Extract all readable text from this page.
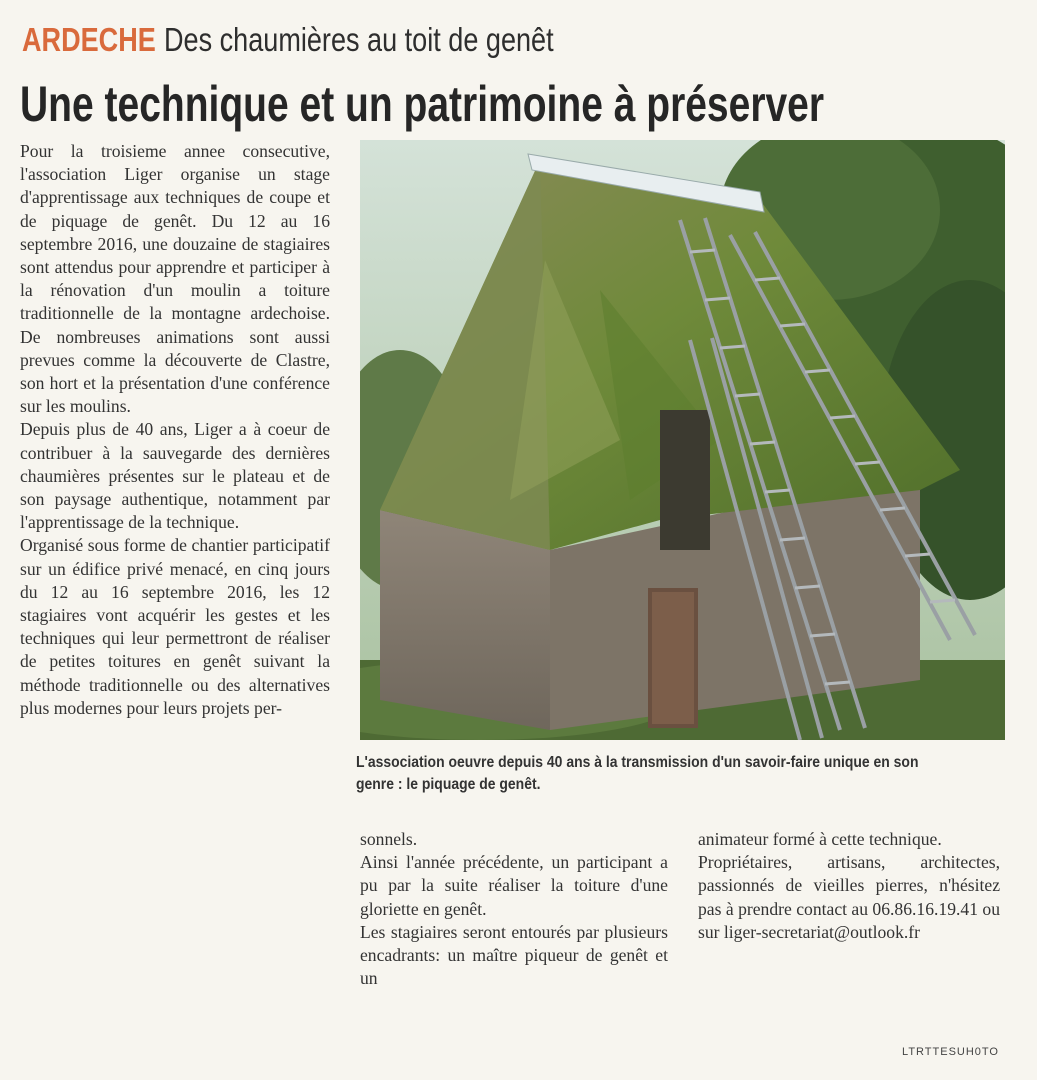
ARDECHE Des chaumières au toit de genêt
Une technique et un patrimoine à préserver

Pour la troisieme annee consecutive, l'association Liger organise un stage d'apprentissage aux techniques de coupe et de piquage de genêt. Du 12 au 16 septembre 2016, une douzaine de stagiaires sont attendus pour apprendre et participer à la rénovation d'un moulin a toiture traditionnelle de la montagne ardechoise. De nombreuses animations sont aussi prevues comme la découverte de Clastre, son hort et la présentation d'une conférence sur les moulins.

Depuis plus de 40 ans, Liger a à coeur de contribuer à la sauvegarde des dernières chaumières présentes sur le plateau et de son paysage authentique, notamment par l'apprentissage de la technique.

Organisé sous forme de chantier participatif sur un édifice privé menacé, en cinq jours du 12 au 16 septembre 2016, les 12 stagiaires vont acquérir les gestes et les techniques qui leur permettront de réaliser de petites toitures en genêt suivant la méthode traditionnelle ou des alternatives plus modernes pour leurs projets per-

L'association oeuvre depuis 40 ans à la transmission d'un savoir-faire unique en son genre : le piquage de genêt.

sonnels.

Ainsi l'année précédente, un participant a pu par la suite réaliser la toiture d'une gloriette en genêt.

Les stagiaires seront entourés par plusieurs encadrants: un maître piqueur de genêt et un

animateur formé à cette technique.

Propriétaires, artisans, architectes, passionnés de vieilles pierres, n'hésitez pas à prendre contact au 06.86.16.19.41 ou sur liger-secretariat@outlook.fr

LTRTTESUH0TO
